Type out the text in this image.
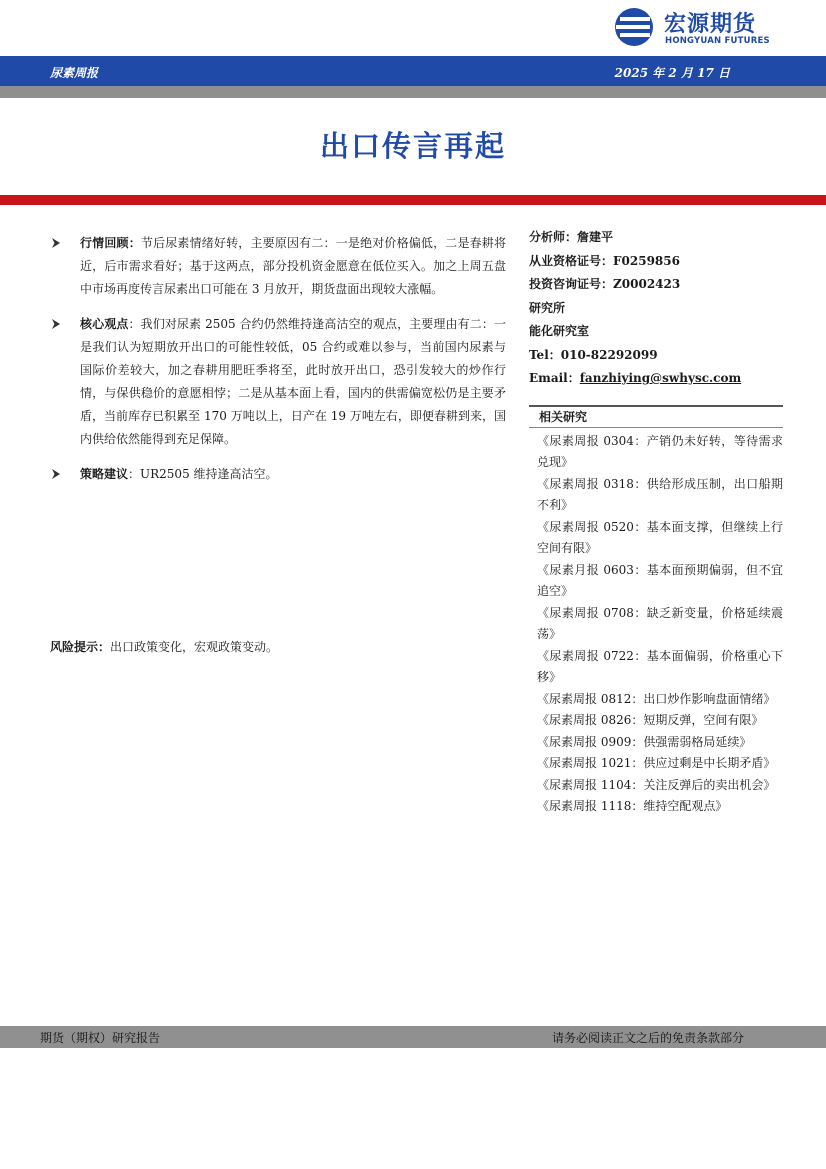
宏源期货
HONGYUAN FUTURES
尿素周报	2025 年 2 月 17 日
出口传言再起
行情回顾：节后尿素情绪好转，主要原因有二：一是绝对价格偏低，二是春耕将近，后市需求看好；基于这两点，部分投机资金愿意在低位买入。加之上周五盘中市场再度传言尿素出口可能在 3 月放开，期货盘面出现较大涨幅。
核心观点：我们对尿素 2505 合约仍然维持逢高沽空的观点，主要理由有二：一是我们认为短期放开出口的可能性较低，05 合约或难以参与，当前国内尿素与国际价差较大，加之春耕用肥旺季将至，此时放开出口，恐引发较大的炒作行情，与保供稳价的意愿相悖；二是从基本面上看，国内的供需偏宽松仍是主要矛盾，当前库存已积累至 170 万吨以上，日产在 19 万吨左右，即便春耕到来，国内供给依然能得到充足保障。
策略建议：UR2505 维持逢高沽空。
风险提示：出口政策变化，宏观政策变动。
分析师：詹建平
从业资格证号：F0259856
投资咨询证号：Z0002423
研究所
能化研究室
Tel：010-82292099
Email：fanzhiying@swhysc.com
相关研究
《尿素周报 0304：产销仍未好转，等待需求兑现》
《尿素周报 0318：供给形成压制，出口船期不利》
《尿素周报 0520：基本面支撑，但继续上行空间有限》
《尿素月报 0603：基本面预期偏弱，但不宜追空》
《尿素周报 0708：缺乏新变量，价格延续震荡》
《尿素周报 0722：基本面偏弱，价格重心下移》
《尿素周报 0812：出口炒作影响盘面情绪》
《尿素周报 0826：短期反弹，空间有限》
《尿素周报 0909：供强需弱格局延续》
《尿素周报 1021：供应过剩是中长期矛盾》
《尿素周报 1104：关注反弹后的卖出机会》
《尿素周报 1118：维持空配观点》
期货（期权）研究报告	请务必阅读正文之后的免责条款部分
